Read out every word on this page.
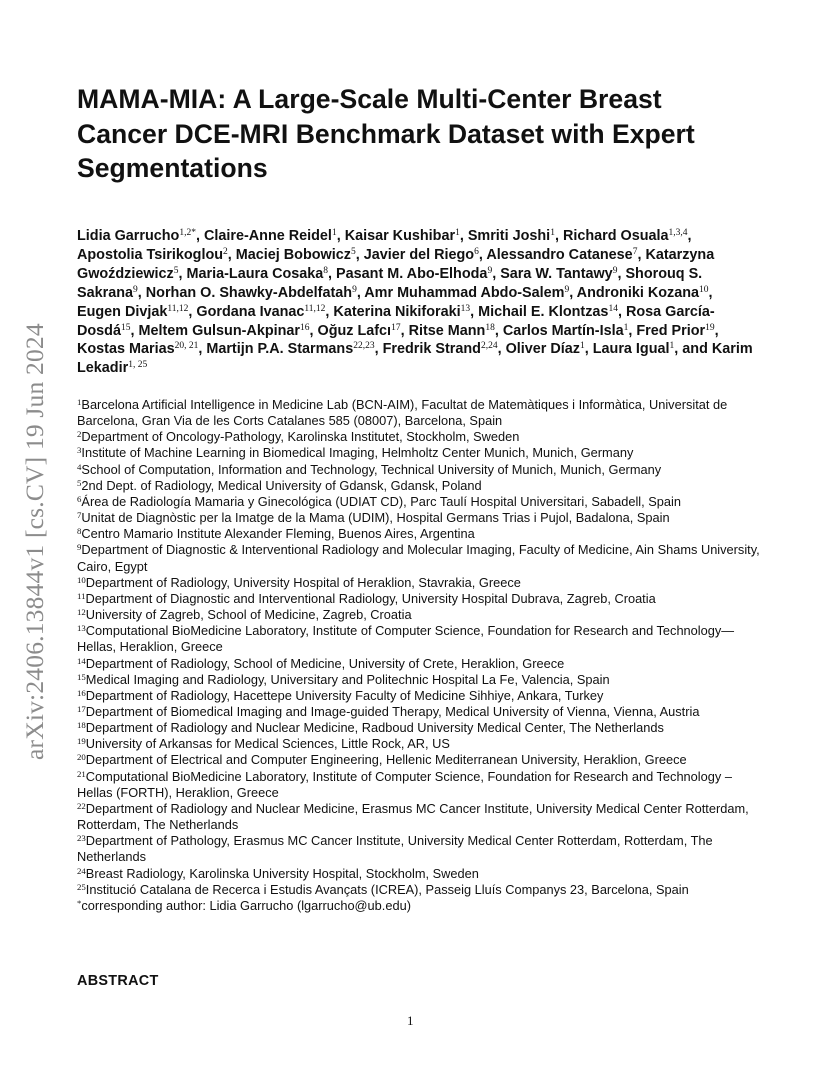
arXiv:2406.13844v1 [cs.CV] 19 Jun 2024
MAMA-MIA: A Large-Scale Multi-Center Breast Cancer DCE-MRI Benchmark Dataset with Expert Segmentations

Lidia Garrucho$^{1,2*}$, Claire-Anne Reidel$^1$, Kaisar Kushibar$^1$, Smriti Joshi$^1$, Richard Osuala$^{1,3,4}$, Apostolia Tsirikoglou$^2$, Maciej Bobowicz$^5$, Javier del Riego$^6$, Alessandro Catanese$^7$, Katarzyna Gwoździewicz$^5$, Maria-Laura Cosaka$^8$, Pasant M. Abo-Elhoda$^9$, Sara W. Tantawy$^9$, Shorouq S. Sakrana$^9$, Norhan O. Shawky-Abdelfatah$^9$, Amr Muhammad Abdo-Salem$^9$, Androniki Kozana$^{10}$, Eugen Divjak$^{11,12}$, Gordana Ivanac$^{11,12}$, Katerina Nikiforaki$^{13}$, Michail E. Klontzas$^{14}$, Rosa García-Dosdá$^{15}$, Meltem Gulsun-Akpinar$^{16}$, Oğuz Lafcı$^{17}$, Ritse Mann$^{18}$, Carlos Martín-Isla$^1$, Fred Prior$^{19}$, Kostas Marias$^{20, 21}$, Martijn P.A. Starmans$^{22,23}$, Fredrik Strand$^{2,24}$, Oliver Díaz$^1$, Laura Igual$^1$, and Karim Lekadir$^{1, 25}$

$^1$Barcelona Artificial Intelligence in Medicine Lab (BCN-AIM), Facultat de Matemàtiques i Informàtica, Universitat de Barcelona, Gran Via de les Corts Catalanes 585 (08007), Barcelona, Spain

$^2$Department of Oncology-Pathology, Karolinska Institutet, Stockholm, Sweden

$^3$Institute of Machine Learning in Biomedical Imaging, Helmholtz Center Munich, Munich, Germany

$^4$School of Computation, Information and Technology, Technical University of Munich, Munich, Germany

$^5$2nd Dept. of Radiology, Medical University of Gdansk, Gdansk, Poland

$^6$Área de Radiología Mamaria y Ginecológica (UDIAT CD), Parc Taulí Hospital Universitari, Sabadell, Spain

$^7$Unitat de Diagnòstic per la Imatge de la Mama (UDIM), Hospital Germans Trias i Pujol, Badalona, Spain

$^8$Centro Mamario Institute Alexander Fleming, Buenos Aires, Argentina

$^9$Department of Diagnostic & Interventional Radiology and Molecular Imaging, Faculty of Medicine, Ain Shams University, Cairo, Egypt

$^{10}$Department of Radiology, University Hospital of Heraklion, Stavrakia, Greece

$^{11}$Department of Diagnostic and Interventional Radiology, University Hospital Dubrava, Zagreb, Croatia

$^{12}$University of Zagreb, School of Medicine, Zagreb, Croatia

$^{13}$Computational BioMedicine Laboratory, Institute of Computer Science, Foundation for Research and Technology—Hellas, Heraklion, Greece

$^{14}$Department of Radiology, School of Medicine, University of Crete, Heraklion, Greece

$^{15}$Medical Imaging and Radiology, Universitary and Politechnic Hospital La Fe, Valencia, Spain

$^{16}$Department of Radiology, Hacettepe University Faculty of Medicine Sihhiye, Ankara, Turkey

$^{17}$Department of Biomedical Imaging and Image-guided Therapy, Medical University of Vienna, Vienna, Austria

$^{18}$Department of Radiology and Nuclear Medicine, Radboud University Medical Center, The Netherlands

$^{19}$University of Arkansas for Medical Sciences, Little Rock, AR, US

$^{20}$Department of Electrical and Computer Engineering, Hellenic Mediterranean University, Heraklion, Greece

$^{21}$Computational BioMedicine Laboratory, Institute of Computer Science, Foundation for Research and Technology – Hellas (FORTH), Heraklion, Greece

$^{22}$Department of Radiology and Nuclear Medicine, Erasmus MC Cancer Institute, University Medical Center Rotterdam, Rotterdam, The Netherlands

$^{23}$Department of Pathology, Erasmus MC Cancer Institute, University Medical Center Rotterdam, Rotterdam, The Netherlands

$^{24}$Breast Radiology, Karolinska University Hospital, Stockholm, Sweden

$^{25}$Institució Catalana de Recerca i Estudis Avançats (ICREA), Passeig Lluís Companys 23, Barcelona, Spain

*corresponding author: Lidia Garrucho (lgarrucho@ub.edu)

ABSTRACT
1
